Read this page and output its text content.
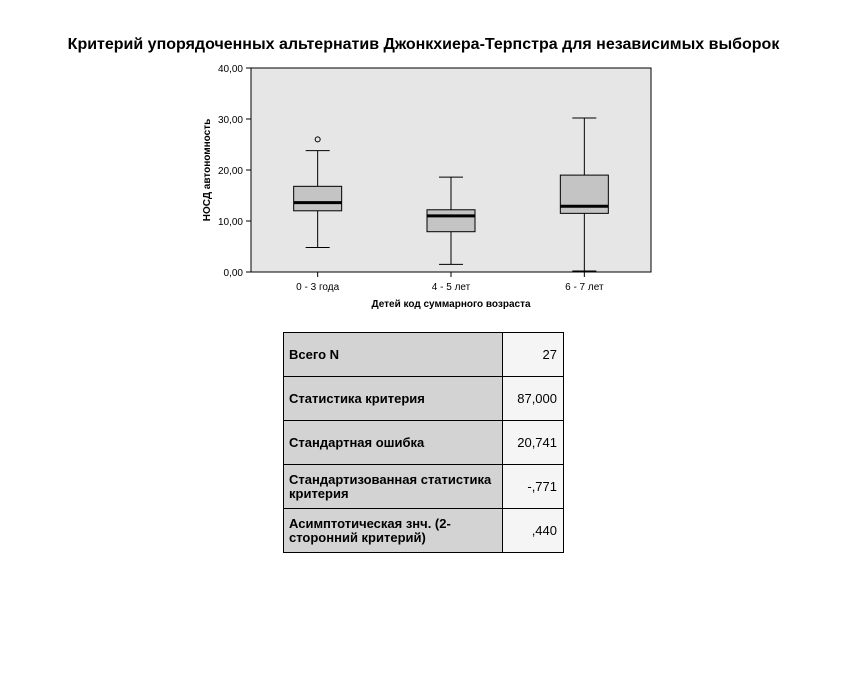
Критерий упорядоченных альтернатив Джонкхиера-Терпстра для независимых выборок
0,00
10,00
20,00
30,00
40,00
НОСД автономность
0 - 3 года	4 - 5 лет	6 - 7 лет
Детей код суммарного возраста
Всего N	27
Статистика критерия	87,000
Стандартная ошибка	20,741
Стандартизованная статистика критерия	-,771
Асимптотическая знч. (2-сторонний критерий)	,440
